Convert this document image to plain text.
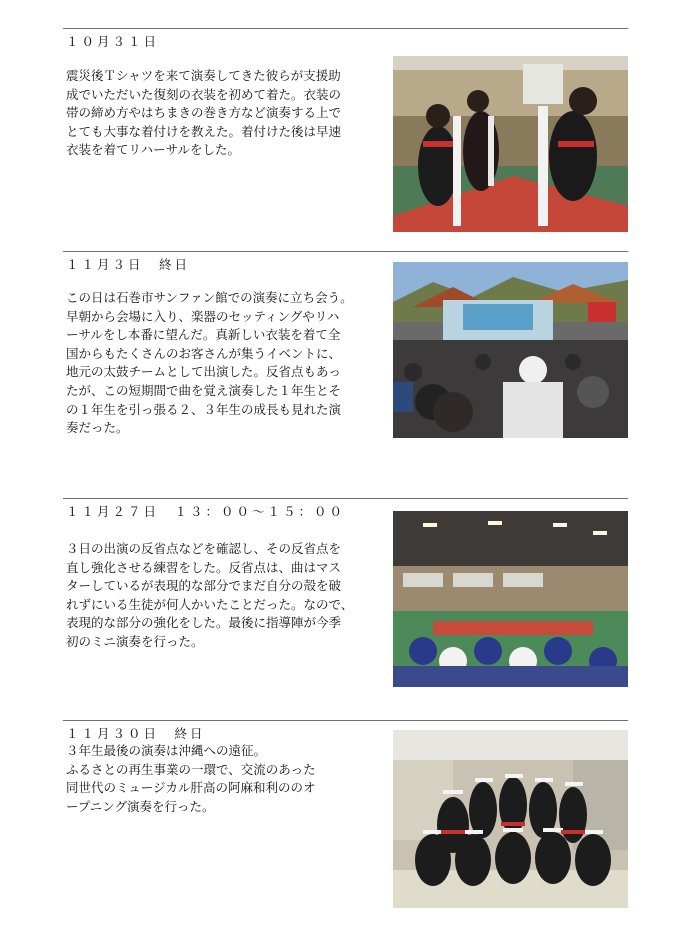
１０月３１日

震災後Ｔシャツを来て演奏してきた彼らが支援助
成でいただいた復刻の衣装を初めて着た。衣装の
帯の締め方やはちまきの巻き方など演奏する上で
とても大事な着付けを教えた。着付けた後は早速
衣装を着てリハーサルをした。

１１月３日　終日

この日は石巻市サンファン館での演奏に立ち会う。
早朝から会場に入り、楽器のセッティングやリハ
ーサルをし本番に望んだ。真新しい衣装を着て全
国からもたくさんのお客さんが集うイベントに、
地元の太鼓チームとして出演した。反省点もあっ
たが、この短期間で曲を覚え演奏した１年生とそ
の１年生を引っ張る２、３年生の成長も見れた演
奏だった。

１１月２７日　１３：００〜１５：００

３日の出演の反省点などを確認し、その反省点を
直し強化させる練習をした。反省点は、曲はマス
ターしているが表現的な部分でまだ自分の殻を破
れずにいる生徒が何人かいたことだった。なので、
表現的な部分の強化をした。最後に指導陣が今季
初のミニ演奏を行った。

１１月３０日　終日

３年生最後の演奏は沖縄への遠征。
ふるさとの再生事業の一環で、交流のあった
同世代のミュージカル肝高の阿麻和利ののオ
ープニング演奏を行った。
